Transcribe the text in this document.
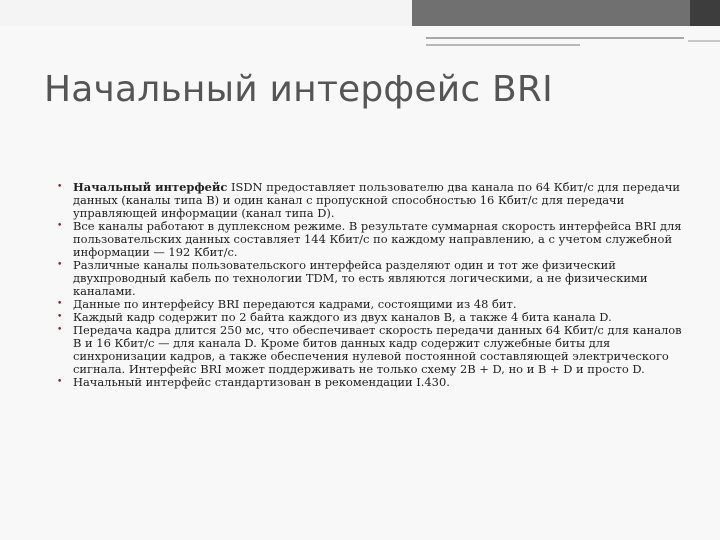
Начальный интерфейс BRI
• Начальный интерфейс ISDN предоставляет пользователю два канала по 64 Кбит/с для передачи данных (каналы типа В) и один канал с пропускной способностью 16 Кбит/с для передачи управляющей информации (канал типа D).
• Все каналы работают в дуплексном режиме. В результате суммарная скорость интерфейса BRI для пользовательских данных составляет 144 Кбит/с по каждому направлению, а с учетом служебной информации — 192 Кбит/с.
• Различные каналы пользовательского интерфейса разделяют один и тот же физический двухпроводный кабель по технологии TDM, то есть являются логическими, а не физическими каналами.
• Данные по интерфейсу BRI передаются кадрами, состоящими из 48 бит.
• Каждый кадр содержит по 2 байта каждого из двух каналов В, а также 4 бита канала D.
• Передача кадра длится 250 мс, что обеспечивает скорость передачи данных 64 Кбит/с для каналов В и 16 Кбит/с — для канала D. Кроме битов данных кадр содержит служебные биты для синхронизации кадров, а также обеспечения нулевой постоянной составляющей электрического сигнала. Интерфейс BRI может поддерживать не только схему 2В + D, но и В + D и просто D.
• Начальный интерфейс стандартизован в рекомендации I.430.
